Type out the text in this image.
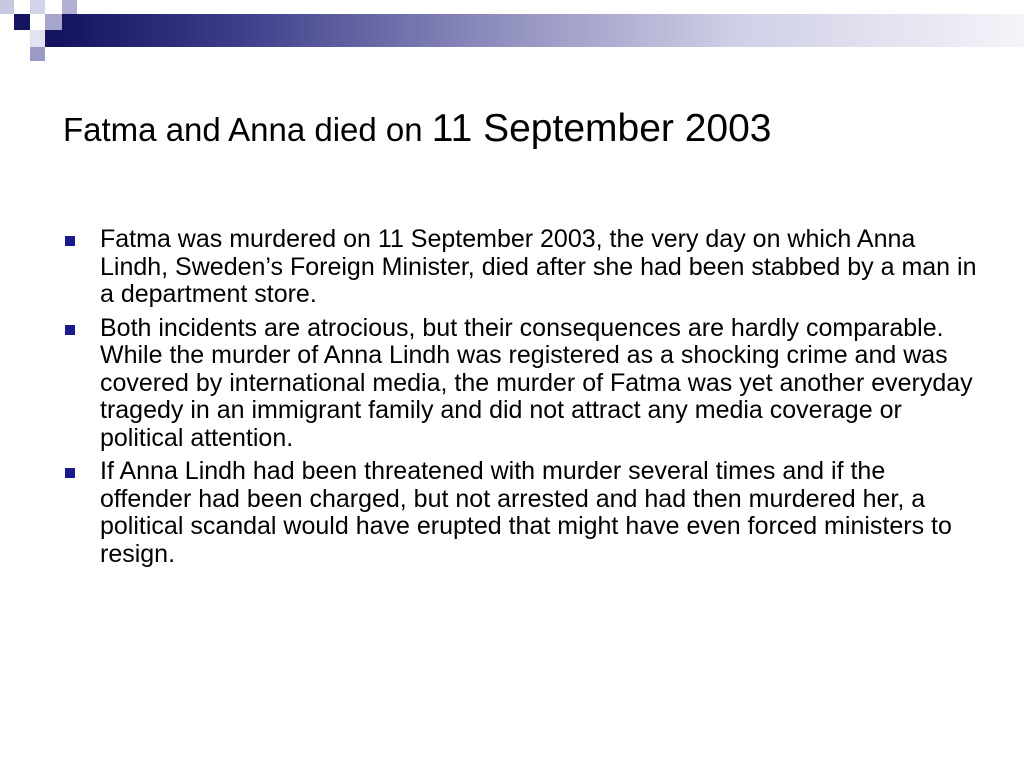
Fatma and Anna died on 11 September 2003
Fatma was murdered on 11 September 2003, the very day on which Anna Lindh, Sweden’s Foreign Minister, died after she had been stabbed by a man in a department store.
Both incidents are atrocious, but their consequences are hardly comparable. While the murder of Anna Lindh was registered as a shocking crime and was covered by international media, the murder of Fatma was yet another everyday tragedy in an immigrant family and did not attract any media coverage or political attention.
If Anna Lindh had been threatened with murder several times and if the offender had been charged, but not arrested and had then murdered her, a political scandal would have erupted that might have even forced ministers to resign.
